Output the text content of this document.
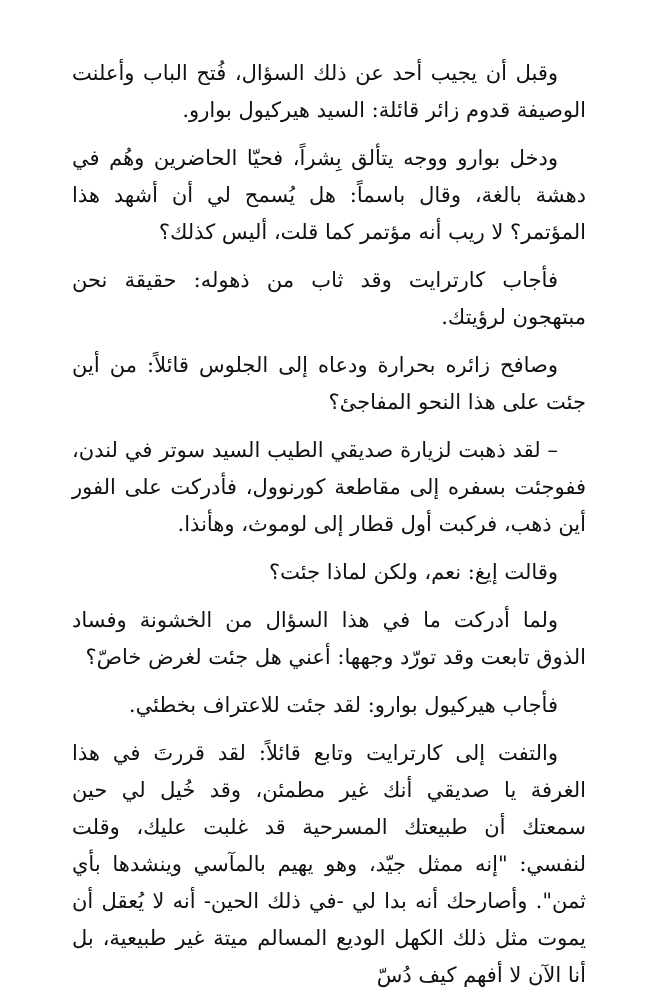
وقبل أن يجيب أحد عن ذلك السؤال، فُتح الباب وأعلنت الوصيفة قدوم زائر قائلة: السيد هيركيول بوارو.

ودخل بوارو ووجه يتألق بِشراً، فحيّا الحاضرين وهُم في دهشة بالغة، وقال باسماً: هل يُسمح لي أن أشهد هذا المؤتمر؟ لا ريب أنه مؤتمر كما قلت، أليس كذلك؟

فأجاب كارترايت وقد ثاب من ذهوله: حقيقة نحن مبتهجون لرؤيتك.

وصافح زائره بحرارة ودعاه إلى الجلوس قائلاً: من أين جئت على هذا النحو المفاجئ؟

– لقد ذهبت لزيارة صديقي الطيب السيد سوتر في لندن، ففوجئت بسفره إلى مقاطعة كورنوول، فأدركت على الفور أين ذهب، فركبت أول قطار إلى لوموث، وهأنذا.

وقالت إيغ: نعم، ولكن لماذا جئت؟

ولما أدركت ما في هذا السؤال من الخشونة وفساد الذوق تابعت وقد تورّد وجهها: أعني هل جئت لغرض خاصّ؟

فأجاب هيركيول بوارو: لقد جئت للاعتراف بخطئي.

والتفت إلى كارترايت وتابع قائلاً: لقد قررتَ في هذا الغرفة يا صديقي أنك غير مطمئن، وقد خُيل لي حين سمعتك أن طبيعتك المسرحية قد غلبت عليك، وقلت لنفسي: "إنه ممثل جيّد، وهو يهيم بالمآسي وينشدها بأي ثمن". وأصارحك أنه بدا لي -في ذلك الحين- أنه لا يُعقل أن يموت مثل ذلك الكهل الوديع المسالم ميتة غير طبيعية، بل أنا الآن لا أفهم كيف دُسّ
